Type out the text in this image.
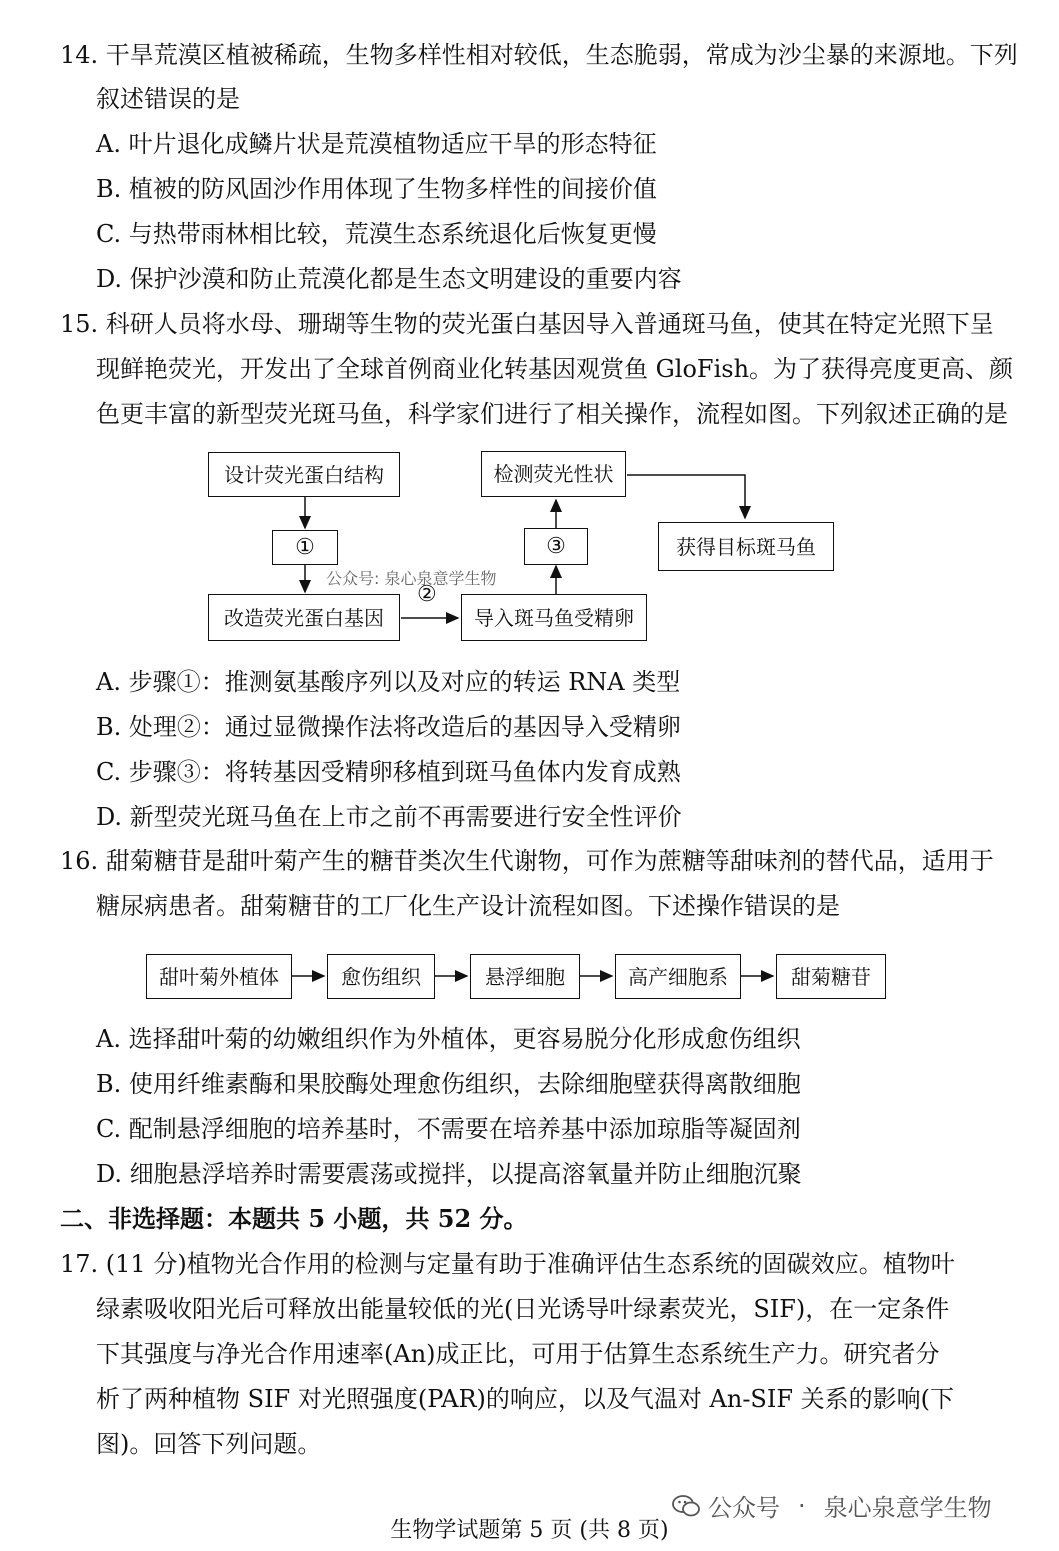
14. 干旱荒漠区植被稀疏，生物多样性相对较低，生态脆弱，常成为沙尘暴的来源地。下列
叙述错误的是
A. 叶片退化成鳞片状是荒漠植物适应干旱的形态特征
B. 植被的防风固沙作用体现了生物多样性的间接价值
C. 与热带雨林相比较，荒漠生态系统退化后恢复更慢
D. 保护沙漠和防止荒漠化都是生态文明建设的重要内容
15. 科研人员将水母、珊瑚等生物的荧光蛋白基因导入普通斑马鱼，使其在特定光照下呈
现鲜艳荧光，开发出了全球首例商业化转基因观赏鱼 GloFish。为了获得亮度更高、颜
色更丰富的新型荧光斑马鱼，科学家们进行了相关操作，流程如图。下列叙述正确的是
设计荧光蛋白结构
①
改造荧光蛋白基因
②
导入斑马鱼受精卵
③
检测荧光性状
获得目标斑马鱼
公众号: 泉心泉意学生物
A. 步骤①：推测氨基酸序列以及对应的转运 RNA 类型
B. 处理②：通过显微操作法将改造后的基因导入受精卵
C. 步骤③：将转基因受精卵移植到斑马鱼体内发育成熟
D. 新型荧光斑马鱼在上市之前不再需要进行安全性评价
16. 甜菊糖苷是甜叶菊产生的糖苷类次生代谢物，可作为蔗糖等甜味剂的替代品，适用于
糖尿病患者。甜菊糖苷的工厂化生产设计流程如图。下述操作错误的是
甜叶菊外植体	愈伤组织	悬浮细胞	高产细胞系	甜菊糖苷
A. 选择甜叶菊的幼嫩组织作为外植体，更容易脱分化形成愈伤组织
B. 使用纤维素酶和果胶酶处理愈伤组织，去除细胞壁获得离散细胞
C. 配制悬浮细胞的培养基时，不需要在培养基中添加琼脂等凝固剂
D. 细胞悬浮培养时需要震荡或搅拌，以提高溶氧量并防止细胞沉聚
二、非选择题：本题共 5 小题，共 52 分。
17. (11 分)植物光合作用的检测与定量有助于准确评估生态系统的固碳效应。植物叶
绿素吸收阳光后可释放出能量较低的光(日光诱导叶绿素荧光，SIF)，在一定条件
下其强度与净光合作用速率(An)成正比，可用于估算生态系统生产力。研究者分
析了两种植物 SIF 对光照强度(PAR)的响应，以及气温对 An-SIF 关系的影响(下
图)。回答下列问题。
公众号 · 泉心泉意学生物
生物学试题第 5 页 (共 8 页)
